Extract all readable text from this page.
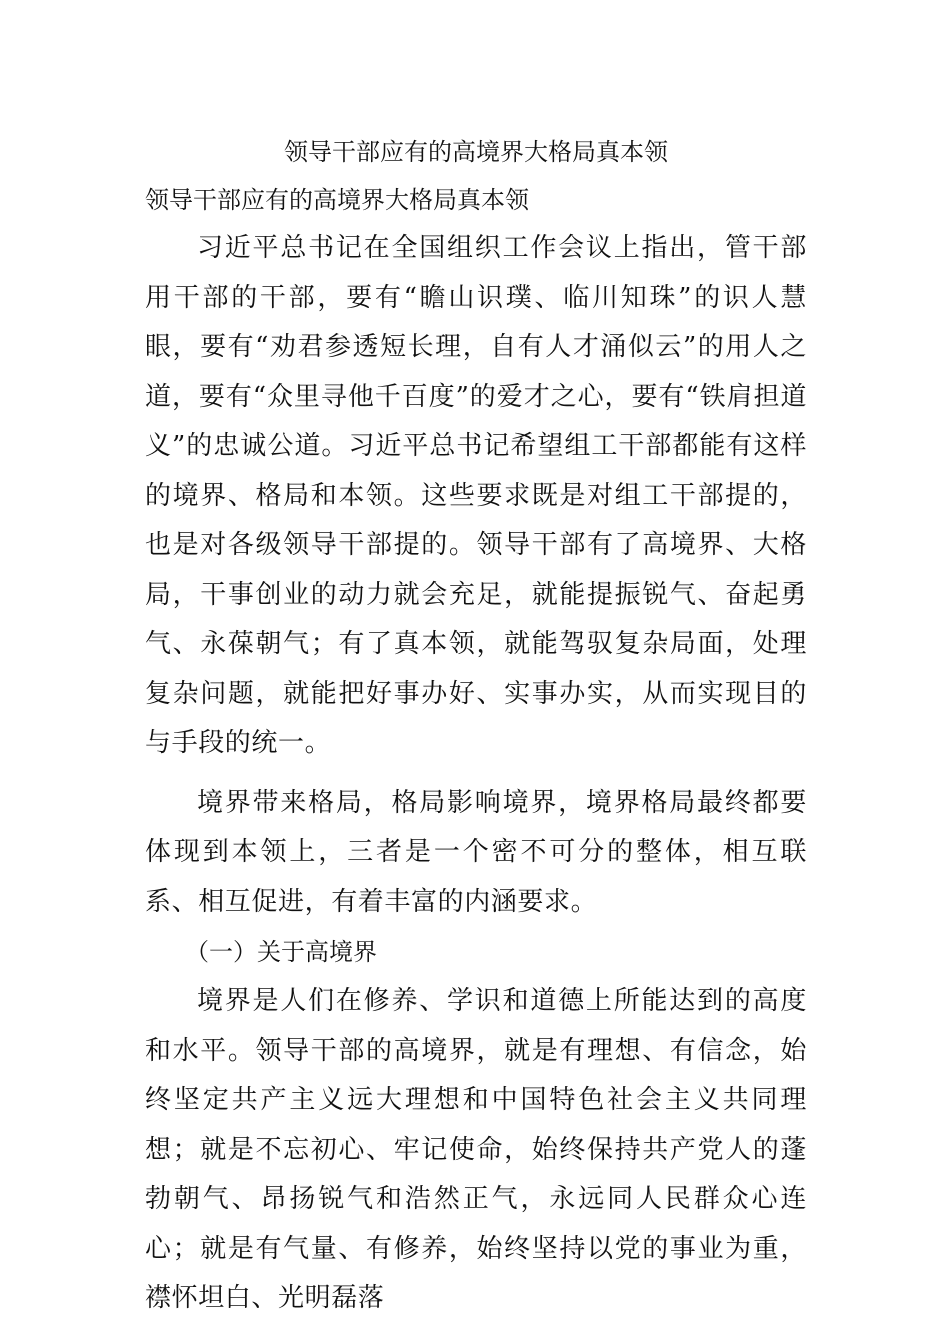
领导干部应有的高境界大格局真本领
领导干部应有的高境界大格局真本领

习近平总书记在全国组织工作会议上指出，管干部用干部的干部，要有“瞻山识璞、临川知珠”的识人慧眼，要有“劝君参透短长理，自有人才涌似云”的用人之道，要有“众里寻他千百度”的爱才之心，要有“铁肩担道义”的忠诚公道。习近平总书记希望组工干部都能有这样的境界、格局和本领。这些要求既是对组工干部提的，也是对各级领导干部提的。领导干部有了高境界、大格局，干事创业的动力就会充足，就能提振锐气、奋起勇气、永葆朝气；有了真本领，就能驾驭复杂局面，处理复杂问题，就能把好事办好、实事办实，从而实现目的与手段的统一。

境界带来格局，格局影响境界，境界格局最终都要体现到本领上，三者是一个密不可分的整体，相互联系、相互促进，有着丰富的内涵要求。

（一）关于高境界

境界是人们在修养、学识和道德上所能达到的高度和水平。领导干部的高境界，就是有理想、有信念，始终坚定共产主义远大理想和中国特色社会主义共同理想；就是不忘初心、牢记使命，始终保持共产党人的蓬勃朝气、昂扬锐气和浩然正气，永远同人民群众心连心；就是有气量、有修养，始终坚持以党的事业为重，襟怀坦白、光明磊落
